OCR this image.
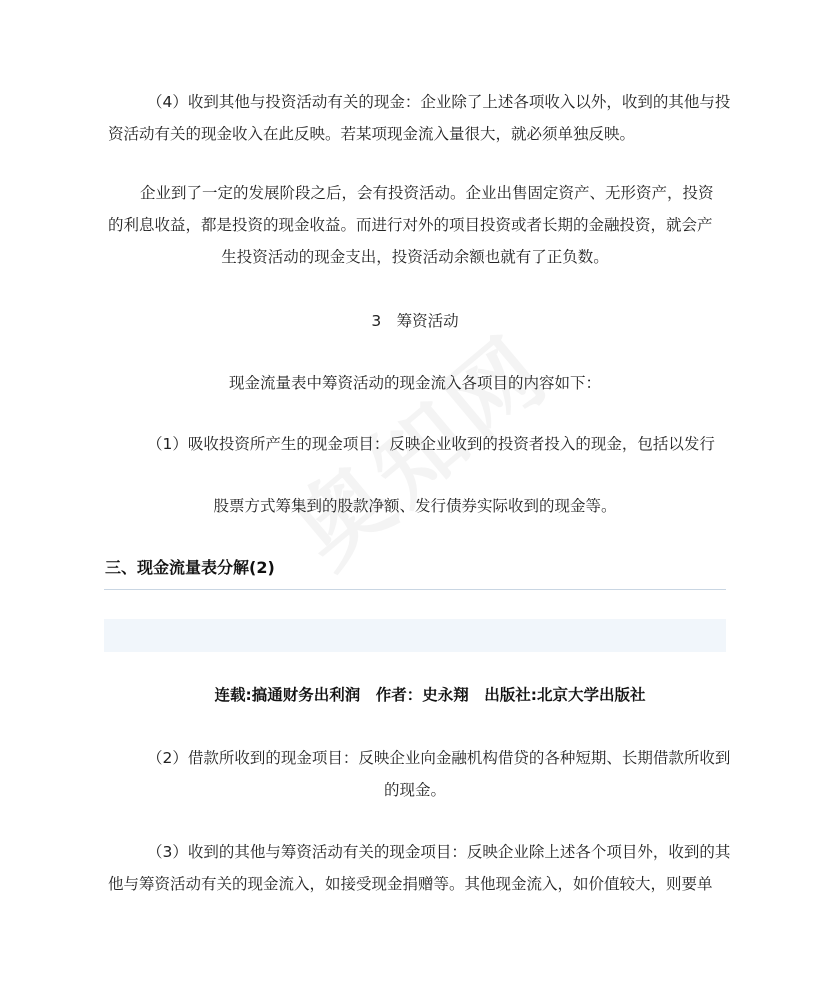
（4）收到其他与投资活动有关的现金：企业除了上述各项收入以外，收到的其他与投
资活动有关的现金收入在此反映。若某项现金流入量很大，就必须单独反映。
企业到了一定的发展阶段之后，会有投资活动。企业出售固定资产、无形资产，投资
的利息收益，都是投资的现金收益。而进行对外的项目投资或者长期的金融投资，就会产
生投资活动的现金支出，投资活动余额也就有了正负数。
3　筹资活动
现金流量表中筹资活动的现金流入各项目的内容如下：
（1）吸收投资所产生的现金项目：反映企业收到的投资者投入的现金，包括以发行
股票方式筹集到的股款净额、发行债券实际收到的现金等。
三、现金流量表分解(2)
连载:搞通财务出利润　作者：史永翔　出版社:北京大学出版社
（2）借款所收到的现金项目：反映企业向金融机构借贷的各种短期、长期借款所收到
的现金。
（3）收到的其他与筹资活动有关的现金项目：反映企业除上述各个项目外，收到的其
他与筹资活动有关的现金流入，如接受现金捐赠等。其他现金流入，如价值较大，则要单
